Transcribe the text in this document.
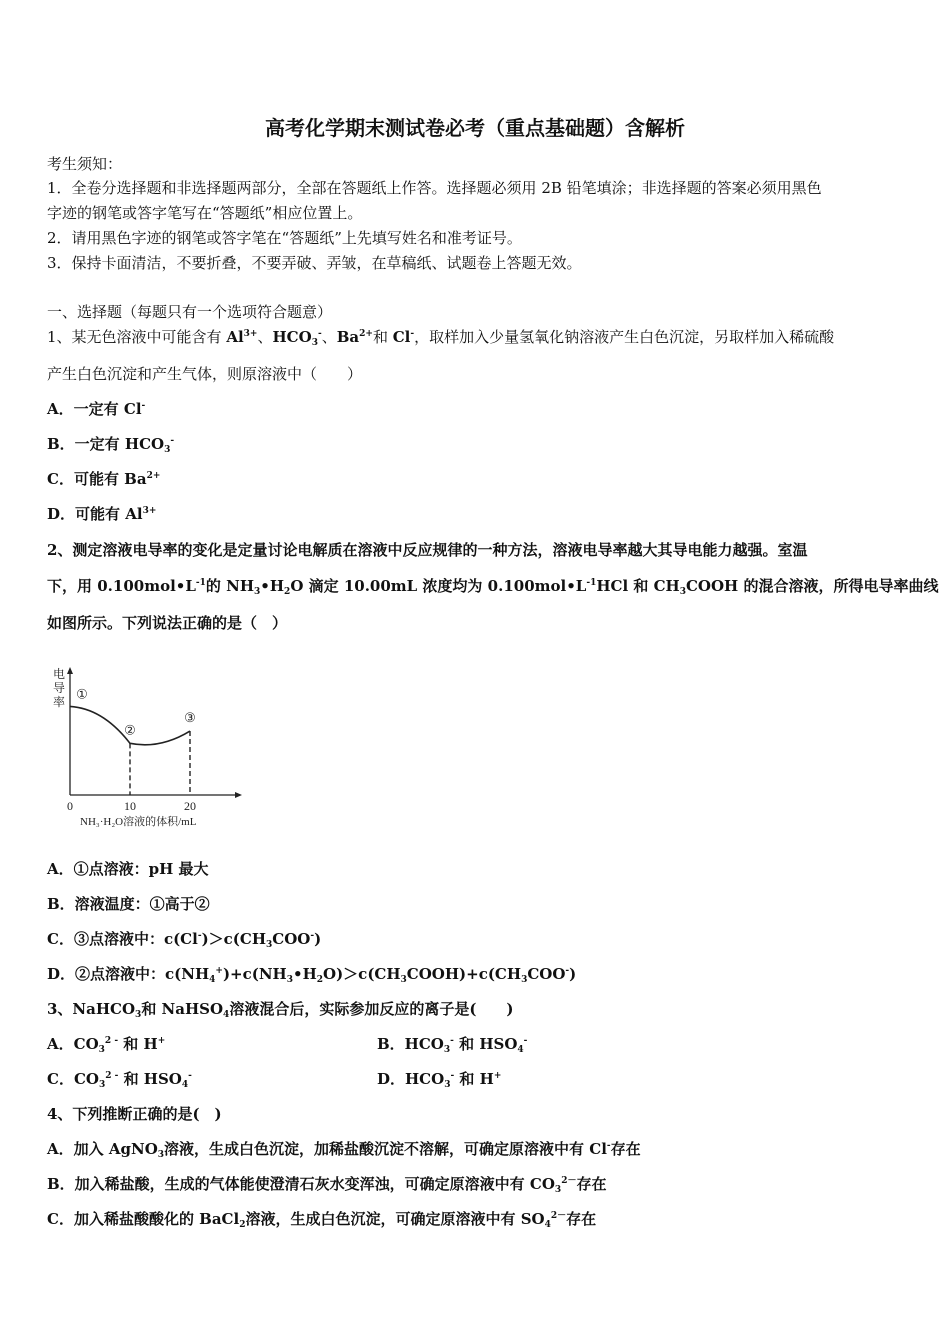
高考化学期末测试卷必考（重点基础题）含解析
考生须知：
1．全卷分选择题和非选择题两部分，全部在答题纸上作答。选择题必须用 2B 铅笔填涂；非选择题的答案必须用黑色
字迹的钢笔或答字笔写在“答题纸”相应位置上。
2．请用黑色字迹的钢笔或答字笔在“答题纸”上先填写姓名和准考证号。
3．保持卡面清洁，不要折叠，不要弄破、弄皱，在草稿纸、试题卷上答题无效。
一、选择题（每题只有一个选项符合题意）
1、某无色溶液中可能含有 $Al^{3+}$、$HCO_3^-$、$Ba^{2+}$和 Cl-，取样加入少量氢氧化钠溶液产生白色沉淀，另取样加入稀硫酸
产生白色沉淀和产生气体，则原溶液中（　　）
A．一定有 Cl-
B．一定有 $HCO_3^-$
C．可能有 $Ba^{2+}$
D．可能有 $Al^{3+}$
2、测定溶液电导率的变化是定量讨论电解质在溶液中反应规律的一种方法，溶液电导率越大其导电能力越强。室温
下，用 $0.100mol•L^{-1}$的 $NH_3•H_2O$ 滴定 10.00mL 浓度均为 $0.100mol•L^{-1}HCl$ 和 $CH_3COOH$ 的混合溶液，所得电导率曲线
如图所示。下列说法正确的是（　）
电
导
率
①
②
③
0	10	20
NH₃·H₂O溶液的体积/mL
A．①点溶液：pH 最大
B．溶液温度：①高于②
C．③点溶液中：$c(Cl^-)>c(CH_3COO^-)$
D．②点溶液中：$c(NH_4^+)+c(NH_3•H_2O)>c(CH_3COOH)+c(CH_3COO^-)$
3、NaHCO$_3$和 NaHSO$_4$溶液混合后，实际参加反应的离子是(　　)
A．$CO_3^{2 -}$ 和 H+	B．$HCO_3^-$ 和 $HSO_4^-$
C．$CO_3^{2 -}$ 和 $HSO_4^-$	D．$HCO_3^-$ 和 H+
4、下列推断正确的是(　)
A．加入 AgNO$_3$溶液，生成白色沉淀，加稀盐酸沉淀不溶解，可确定原溶液中有 Cl-存在
B．加入稀盐酸，生成的气体能使澄清石灰水变浑浊，可确定原溶液中有 $CO_3^{2-}$存在
C．加入稀盐酸酸化的 BaCl$_2$溶液，生成白色沉淀，可确定原溶液中有 $SO_4^{2-}$存在
